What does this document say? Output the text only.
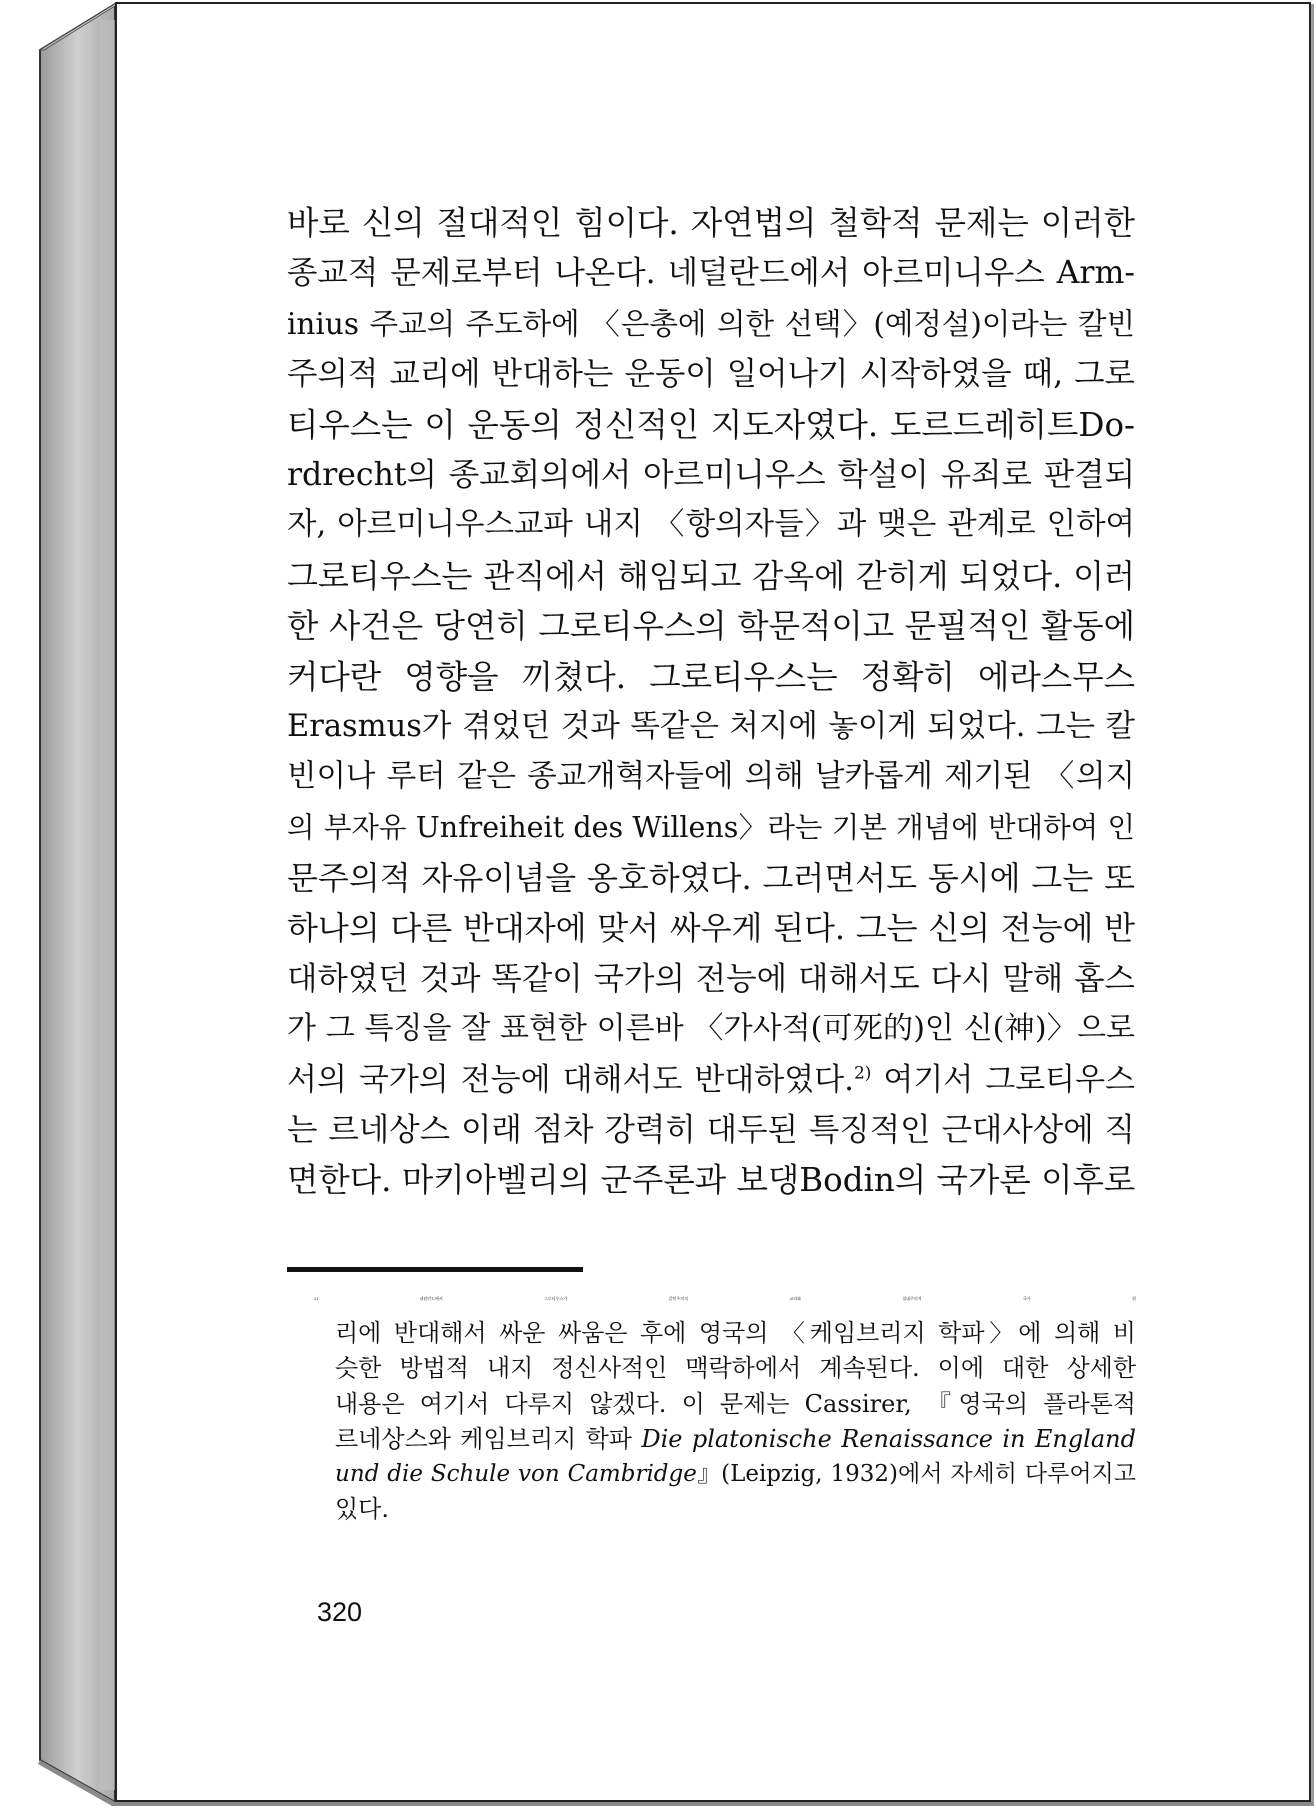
바로 신의 절대적인 힘이다. 자연법의 철학적 문제는 이러한
종교적 문제로부터 나온다. 네덜란드에서 아르미니우스 Arm-
inius 주교의 주도하에 〈은총에 의한 선택〉(예정설)이라는 칼빈
주의적 교리에 반대하는 운동이 일어나기 시작하였을 때, 그로
티우스는 이 운동의 정신적인 지도자였다. 도르드레히트Do-
rdrecht의 종교회의에서 아르미니우스 학설이 유죄로 판결되
자, 아르미니우스교파 내지 〈항의자들〉과 맺은 관계로 인하여
그로티우스는 관직에서 해임되고 감옥에 갇히게 되었다. 이러
한 사건은 당연히 그로티우스의 학문적이고 문필적인 활동에
커다란 영향을 끼쳤다. 그로티우스는 정확히 에라스무스
Erasmus가 겪었던 것과 똑같은 처지에 놓이게 되었다. 그는 칼
빈이나 루터 같은 종교개혁자들에 의해 날카롭게 제기된 〈의지
의 부자유 Unfreiheit des Willens〉라는 기본 개념에 반대하여 인
문주의적 자유이념을 옹호하였다. 그러면서도 동시에 그는 또
하나의 다른 반대자에 맞서 싸우게 된다. 그는 신의 전능에 반
대하였던 것과 똑같이 국가의 전능에 대해서도 다시 말해 홉스
가 그 특징을 잘 표현한 이른바 〈가사적(可死的)인 신(神)〉으로
서의 국가의 전능에 대해서도 반대하였다.$^{2)}$ 여기서 그로티우스
는 르네상스 이래 점차 강력히 대두된 특징적인 근대사상에 직
면한다. 마키아벨리의 군주론과 보댕Bodin의 국가론 이후로
2)	네덜란드에서 그로티우스가 칼빈주의적 교리와 절대주의적 국가 원
리에 반대해서 싸운 싸움은 후에 영국의 〈케임브리지 학파〉에 의해 비
슷한 방법적 내지 정신사적인 맥락하에서 계속된다. 이에 대한 상세한
내용은 여기서 다루지 않겠다. 이 문제는 Cassirer, 『영국의 플라톤적
르네상스와 케임브리지 학파 Die platonische Renaissance in England
und die Schule von Cambridge』(Leipzig, 1932)에서 자세히 다루어지고
있다.
320
